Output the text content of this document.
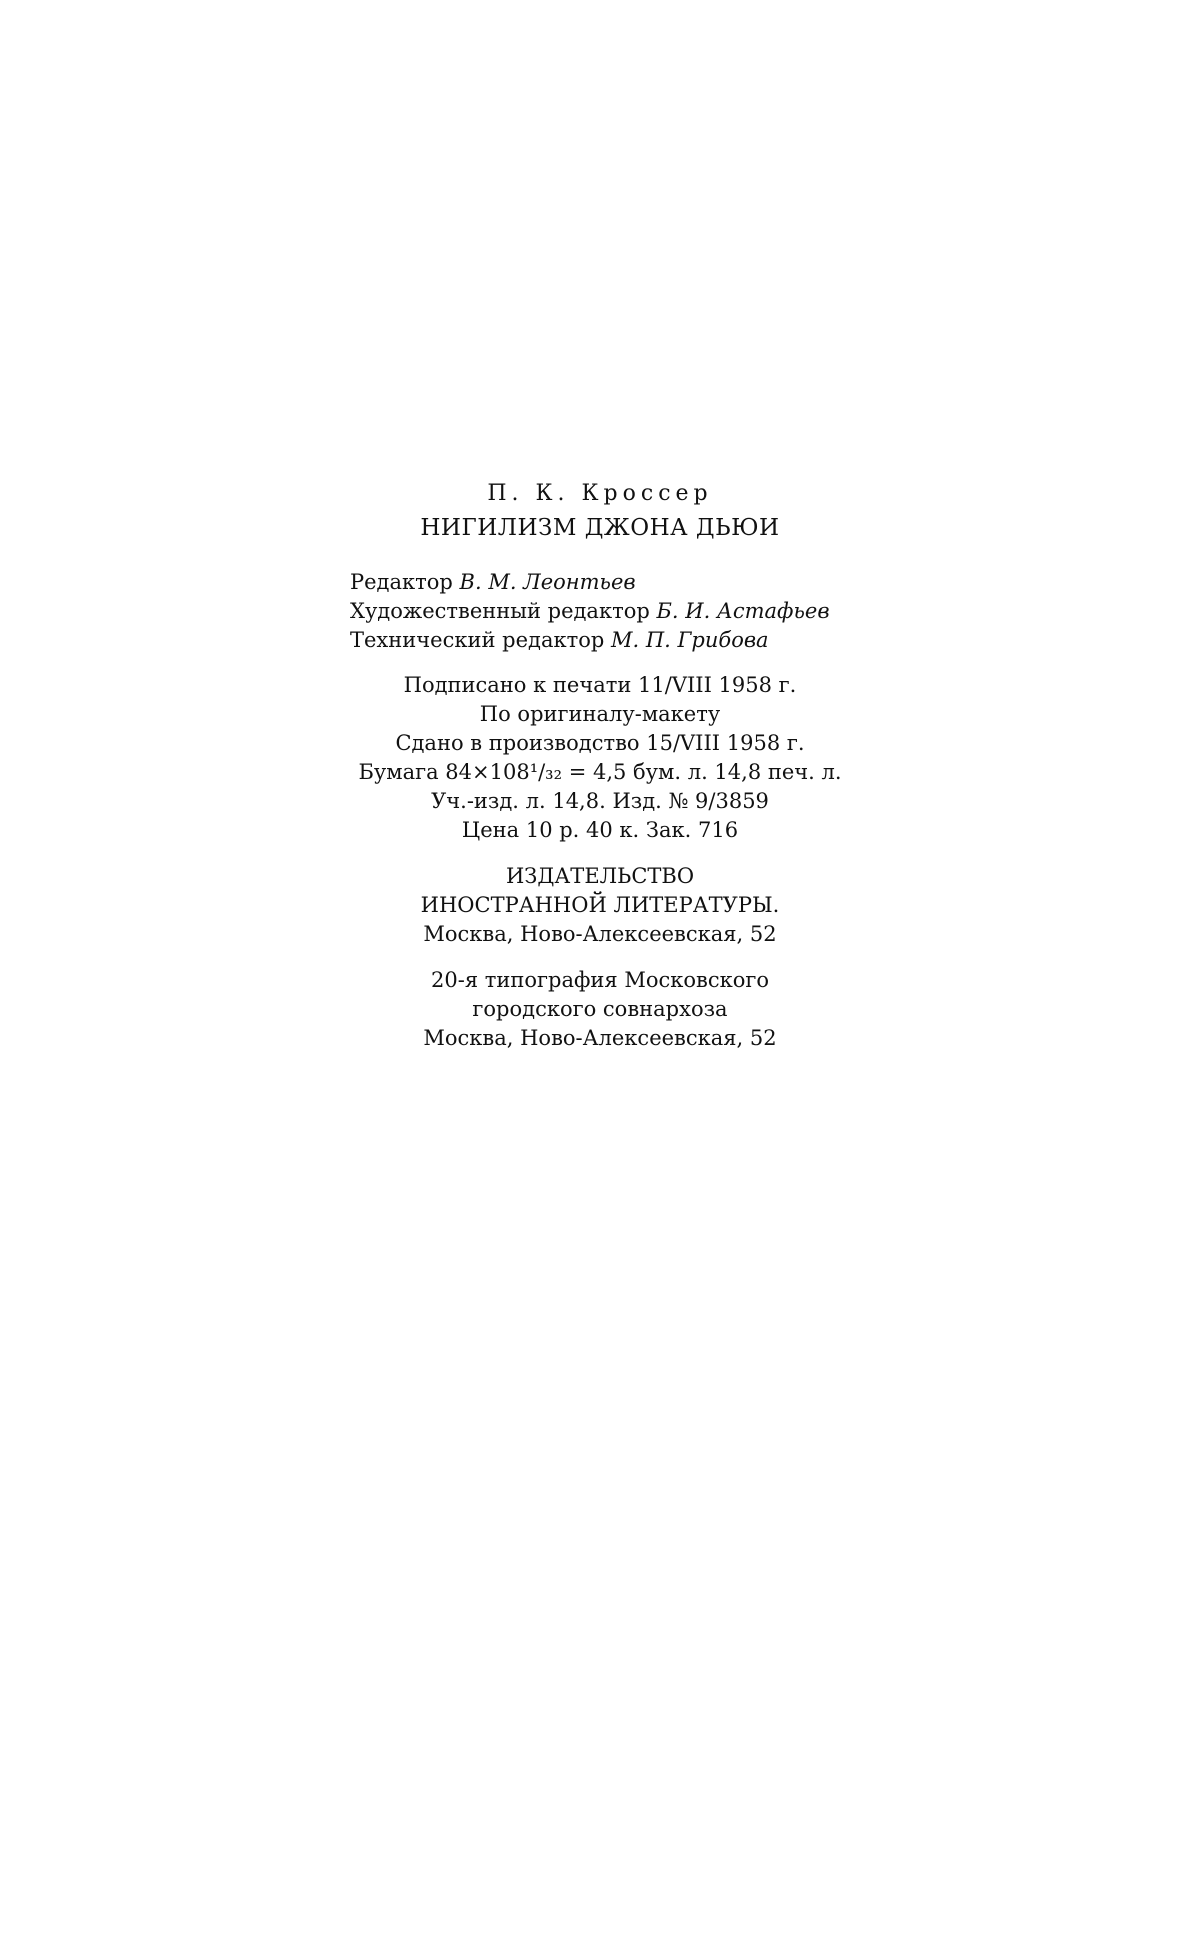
П. К. Кроссер
НИГИЛИЗМ ДЖОНА ДЬЮИ
Редактор В. М. Леонтьев
Художественный редактор Б. И. Астафьев
Технический редактор М. П. Грибова
Подписано к печати 11/VIII 1958 г.
По оригиналу-макету
Сдано в производство 15/VIII 1958 г.
Бумага 84×108¹/₃₂ = 4,5 бум. л. 14,8 печ. л.
Уч.-изд. л. 14,8. Изд. № 9/3859
Цена 10 р. 40 к. Зак. 716
ИЗДАТЕЛЬСТВО
ИНОСТРАННОЙ ЛИТЕРАТУРЫ.
Москва, Ново-Алексеевская, 52
20-я типография Московского
городского совнархоза
Москва, Ново-Алексеевская, 52
